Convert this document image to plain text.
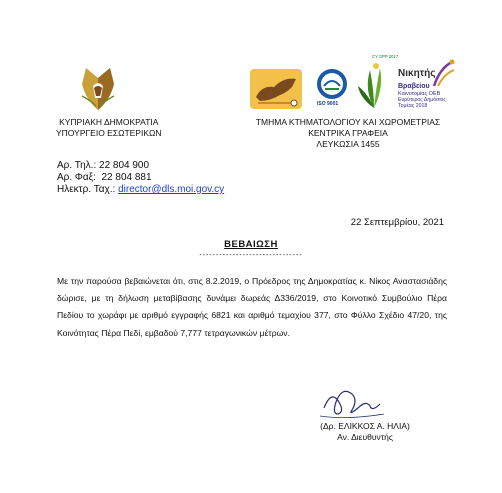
ΚΥΠΡΙΑΚΗ ΔΗΜΟΚΡΑΤΙΑ
ΥΠΟΥΡΓΕΙΟ ΕΣΩΤΕΡΙΚΩΝ
ISO 9001
CY GPP 2017
Νικητής
Βραβείου
Καινοτομίας ΟΕΒ
Ευρύτερος Δημόσιος
Τομέας 2018
ΤΜΗΜΑ ΚΤΗΜΑΤΟΛΟΓΙΟΥ ΚΑΙ ΧΩΡΟΜΕΤΡΙΑΣ
ΚΕΝΤΡΙΚΑ ΓΡΑΦΕΙΑ
ΛΕΥΚΩΣΙΑ 1455
Αρ. Τηλ.: 22 804 900
Αρ. Φαξ:  22 804 881
Ηλεκτρ. Ταχ.: director@dls.moi.gov.cy
22 Σεπτεμβρίου, 2021
ΒΕΒΑΙΩΣΗ
-------------------------------
Με την παρούσα βεβαιώνεται ότι, στις 8.2.2019, ο Πρόεδρος της Δημοκρατίας κ. Νίκος Αναστασιάδης δώρισε, με τη δήλωση μεταβίβασης δυνάμει δωρεάς Δ336/2019, στο Κοινοτικό Συμβούλιο Πέρα Πεδίου το χωράφι με αριθμό εγγραφής 6821 και αριθμό τεμαχίου 377, στο Φύλλο Σχέδιο 47/20, της Κοινότητας Πέρα Πεδί, εμβαδού 7,777 τετραγωνικών μέτρων.
(Δρ. ΕΛΙΚΚΟΣ Α. ΗΛΙΑ)
Αν. Διευθυντής
